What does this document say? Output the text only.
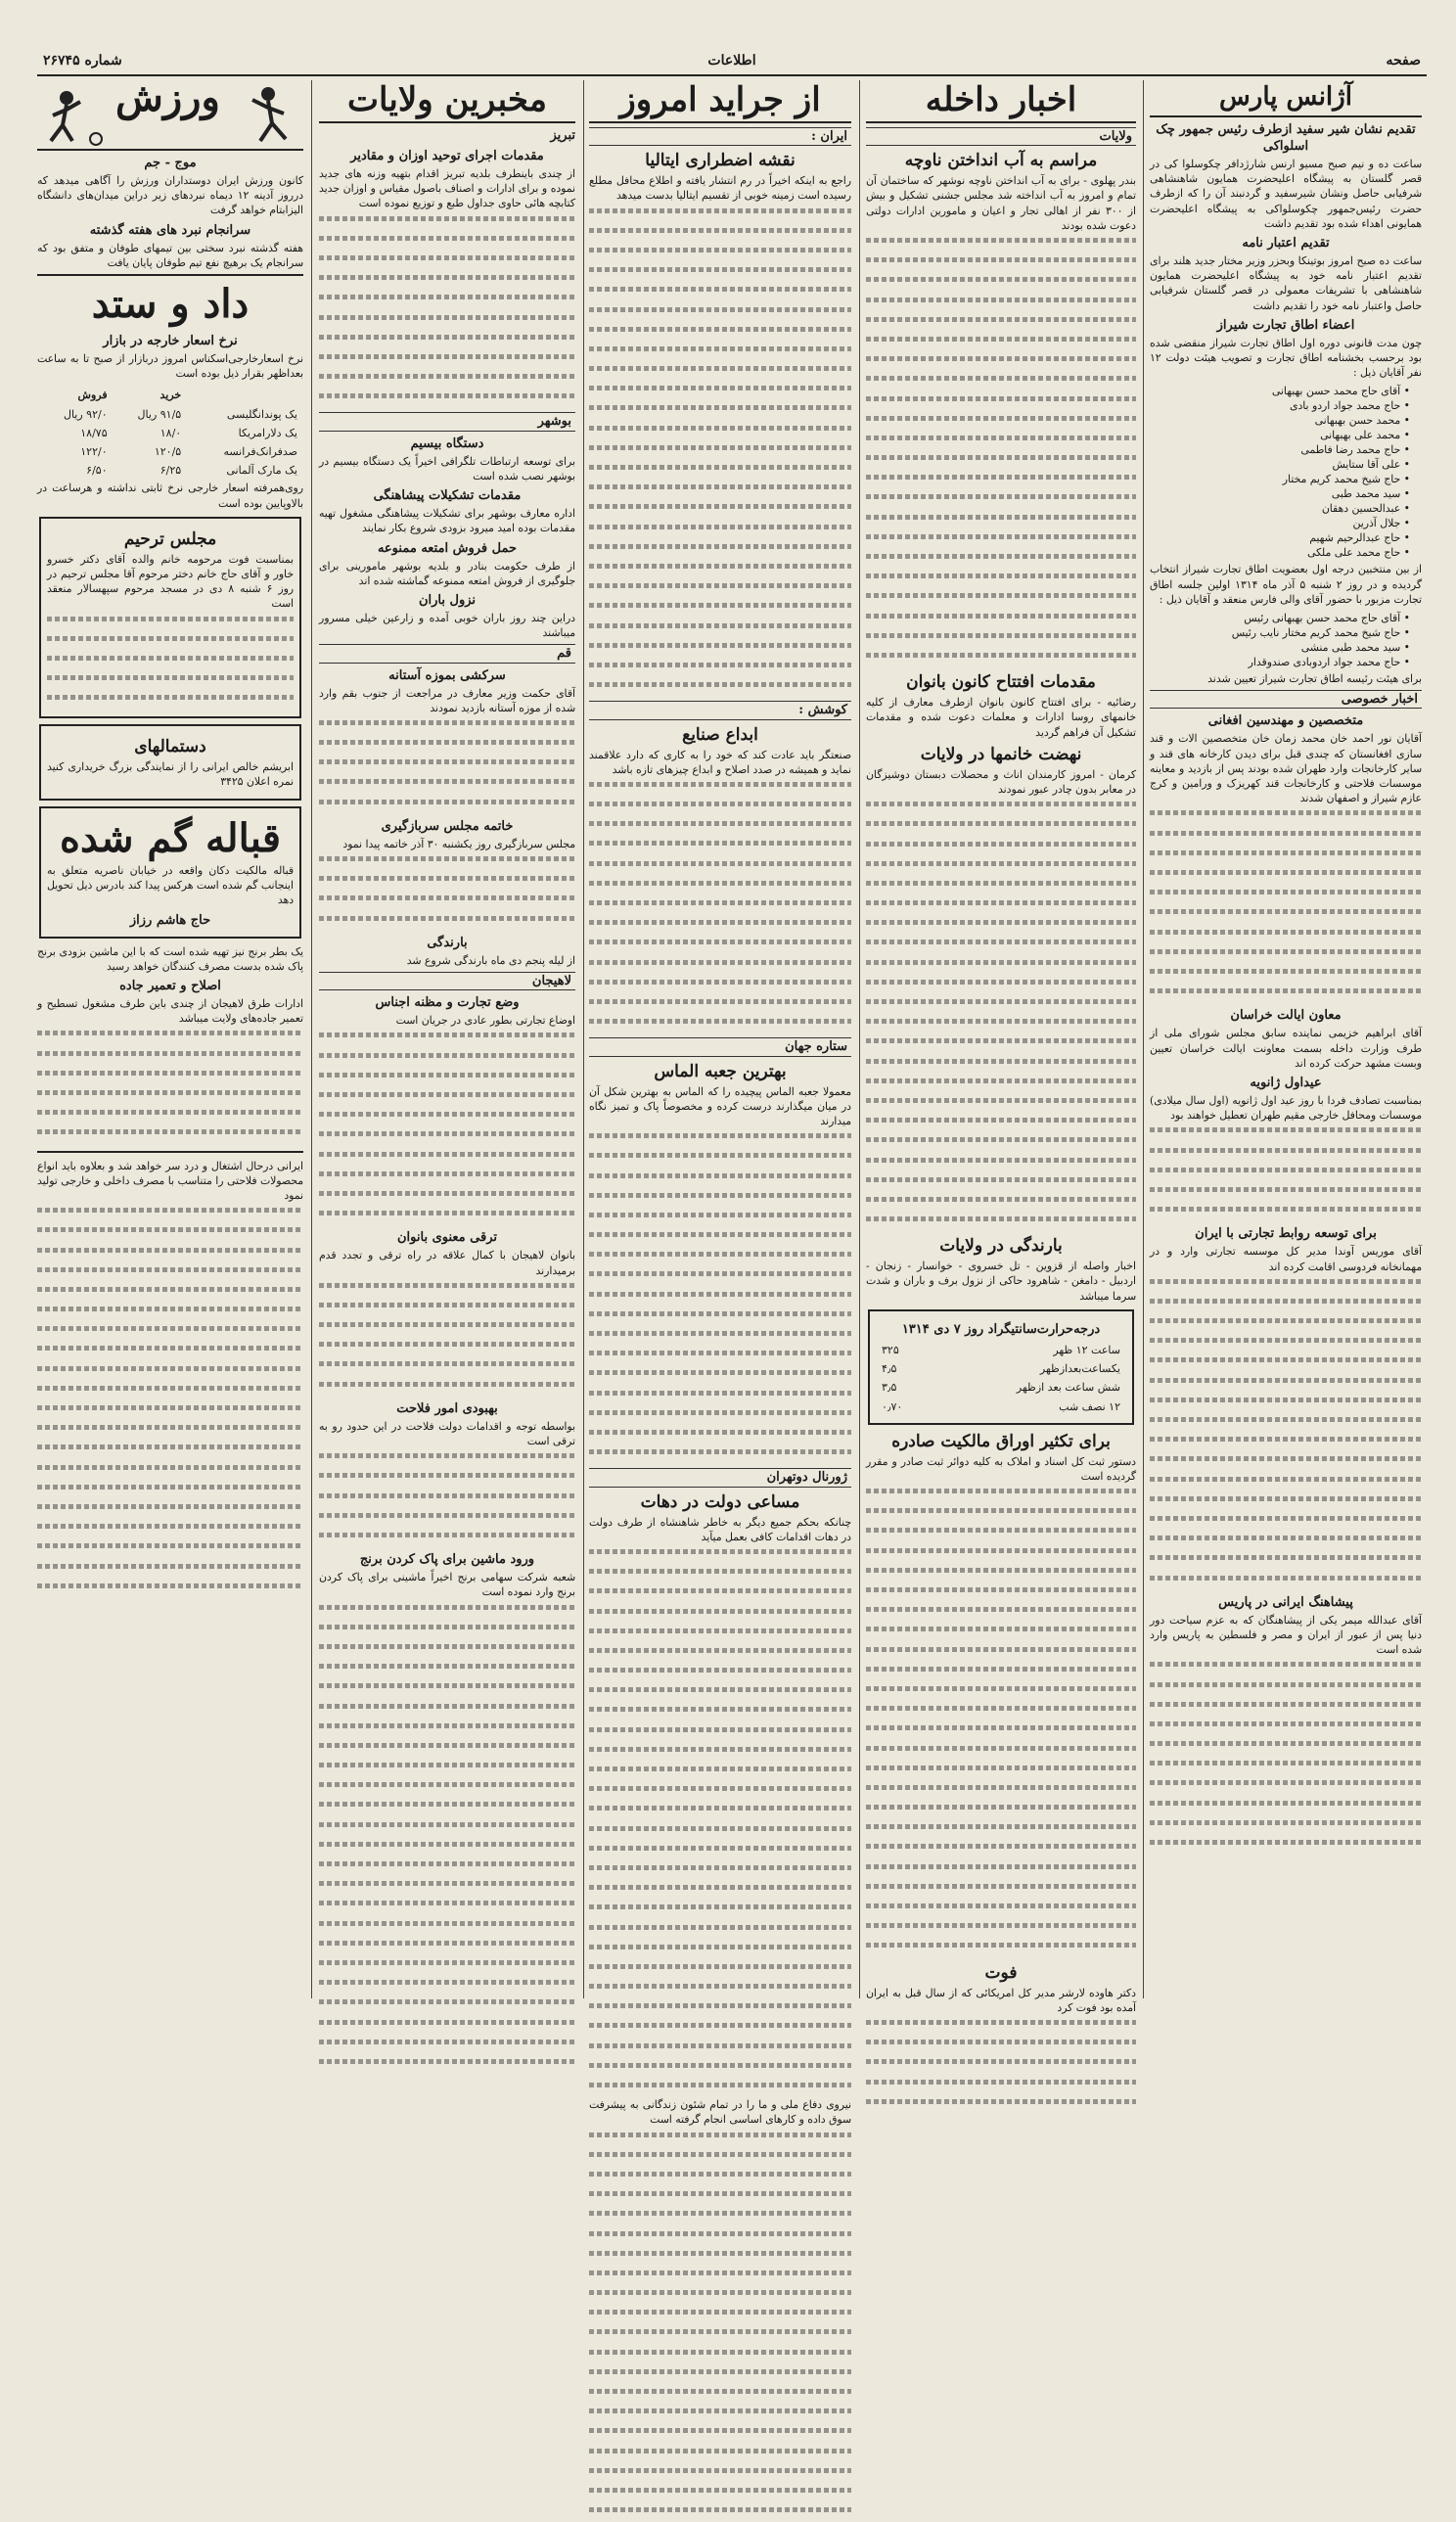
صفحه
اطلاعات
شماره ۲۶۷۴۵
آژانس پارس
تقدیم نشان شیر سفید ازطرف رئیس جمهور چک اسلواکی

ساعت ده و نیم صبح مسیو ارنس شارژدافر چکوسلوا کی در قصر گلستان به پیشگاه اعلیحضرت همایون شاهنشاهی شرفیابی حاصل ونشان شیرسفید و گردنبند آن را که ازطرف حضرت رئیس‌جمهور چکوسلواکی به پیشگاه اعلیحضرت همایونی اهداء شده بود تقدیم داشت

تقدیم اعتبار نامه

ساعت ده صبح امروز بوتینکا وبحزر وزیر مختار جدید هلند برای تقدیم اعتبار نامه خود به پیشگاه اعلیحضرت همایون شاهنشاهی با تشریفات معمولی در قصر گلستان شرفیابی حاصل واعتبار نامه خود را تقدیم داشت

اعضاء اطاق تجارت شیراز

چون مدت قانونی دوره اول اطاق تجارت شیراز منقضی شده بود برحسب بخشنامه اطاق تجارت و تصویب هیئت دولت ۱۲ نفر آقایان ذیل :

• آقای حاج محمد حسن بهبهانی
• حاج محمد جواد اردو بادی
• محمد حسن بهبهانی
• محمد علی بهبهانی
• حاج محمد رضا فاطمی
• علی آقا ستایش
• حاج شیخ محمد کریم مختار
• سید محمد طبی
• عبدالحسین دهقان
• جلال آذرین
• حاج عبدالرحیم شهیم
• حاج محمد علی ملکی

از بین منتخبین درجه اول بعضویت اطاق تجارت شیراز انتخاب گردیده و در روز ۲ شنبه ۵ آذر ماه ۱۳۱۴ اولین جلسه اطاق تجارت مزبور با حضور آقای والی فارس منعقد و آقایان ذیل :

• آقای حاج محمد حسن بهبهانی رئیس
• حاج شیخ محمد کریم مختار نایب رئیس
• سید محمد طبی منشی
• حاج محمد جواد اردوبادی صندوقدار

برای هیئت رئیسه اطاق تجارت شیراز تعیین شدند

اخبار خصوصی
متخصصین و مهندسین افغانی

آقایان نور احمد خان محمد زمان خان متخصصین الات و قند سازی افغانستان که چندی قبل برای دیدن کارخانه های قند و سایر کارخانجات وارد طهران شده بودند پس از بازدید و معاینه موسسات فلاحتی و کارخانجات قند کهریزک و ورامین و کرج عازم شیراز و اصفهان شدند

معاون ایالت خراسان

آقای ابراهیم خزیمی نماینده سابق مجلس شورای ملی از طرف وزارت داخله بسمت معاونت ایالت خراسان تعیین وبست مشهد حرکت کرده اند

عیداول ژانویه

بمناسبت تصادف فردا با روز عید اول ژانویه (اول سال میلادی) موسسات ومحافل خارجی مقیم طهران تعطیل خواهند بود

برای توسعه روابط تجارتی با ایران

آقای موریس آوندا مدیر کل موسسه تجارتی وارد و در مهمانخانه فردوسی اقامت کرده اند

پیشاهنگ ایرانی در پاریس

آقای عبدالله میمر یکی از پیشاهنگان که به عزم سیاحت دور دنیا پس از عبور از ایران و مصر و فلسطین به پاریس وارد شده است

اخبار داخله
ولایات
مراسم به آب انداختن ناوچه

بندر پهلوی - برای به آب انداختن ناوچه نوشهر که ساختمان آن تمام و امروز به آب انداخته شد مجلس جشنی تشکیل و بیش از ۳۰۰ نفر از اهالی تجار و اعیان و مامورین ادارات دولتی دعوت شده بودند

مقدمات افتتاح کانون بانوان

رضائیه - برای افتتاح کانون بانوان ازطرف معارف از کلیه خانمهای روسا ادارات و معلمات دعوت شده و مقدمات تشکیل آن فراهم گردید

نهضت خانمها در ولایات

کرمان - امروز کارمندان اناث و محصلات دبستان دوشیزگان در معابر بدون چادر عبور نمودند

بارندگی در ولایات

اخبار واصله از قزوین - تل خسروی - خوانسار - زنجان - اردبیل - دامغن - شاهرود حاکی از نزول برف و باران و شدت سرما میباشد

درجه‌حرارت‌سانتیگراد روز ۷ دی ۱۳۱۴
ساعت ۱۲ ظهر	۳۲۵
یکساعت‌بعدازظهر	۴٫۵
شش ساعت بعد ازظهر	۳٫۵
۱۲ نصف شب	۰٫۷۰
برای تکثیر اوراق مالکیت صادره

دستور ثبت کل اسناد و املاک به کلیه دوائر ثبت صادر و مقرر گردیده است

فوت

دکتر هاوده لارشر مدیر کل امریکائی که از سال قبل به ایران آمده بود فوت کرد

از جراید امروز
ایران :
نقشه اضطراری ایتالیا

راجع به اینکه اخیراً در رم انتشار یافته و اطلاع محافل مطلع رسیده است زمینه خوبی از تقسیم ایتالیا بدست میدهد

کوشش :
ابداع صنایع

صنعتگر باید عادت کند که خود را به کاری که دارد علاقمند نماید و همیشه در صدد اصلاح و ابداع چیزهای تازه باشد

ستاره جهان
بهترین جعبه الماس

معمولا جعبه الماس پیچیده را که الماس به بهترین شکل آن در میان میگذارند درست کرده و مخصوصاً پاک و تمیز نگاه میدارند

ژورنال دوتهران
مساعی دولت در دهات

چنانکه بحکم جمیع دیگر به خاطر شاهنشاه از طرف دولت در دهات اقدامات کافی بعمل میآید

نیروی دفاع ملی و ما را در تمام شئون زندگانی به پیشرفت سوق داده و کارهای اساسی انجام گرفته است

مخبرین ولایات
تبریز
مقدمات اجرای توحید اوزان و مقادیر

از چندی باینطرف بلدیه تبریز اقدام بتهیه وزنه های جدید نموده و برای ادارات و اصناف باصول مقیاس و اوزان جدید کتابچه هائی حاوی جداول طبع و توزیع نموده است

بوشهر
دستگاه بیسیم

برای توسعه ارتباطات تلگرافی اخیراً یک دستگاه بیسیم در بوشهر نصب شده است

مقدمات تشکیلات پیشاهنگی

اداره معارف بوشهر برای تشکیلات پیشاهنگی مشغول تهیه مقدمات بوده امید میرود بزودی شروع بکار نمایند

حمل فروش امتعه ممنوعه

از طرف حکومت بنادر و بلدیه بوشهر مامورینی برای جلوگیری از فروش امتعه ممنوعه گماشته شده اند

نزول باران

دراین چند روز باران خوبی آمده و زارعین خیلی مسرور میباشند

قم
سرکشی بموزه آستانه

آقای حکمت وزیر معارف در مراجعت از جنوب بقم وارد شده از موزه آستانه بازدید نمودند

خاتمه مجلس سربازگیری

مجلس سربازگیری روز یکشنبه ۳۰ آذر خاتمه پیدا نمود

بارندگی

از لیله پنجم دی ماه بارندگی شروع شد

لاهیجان
وضع تجارت و مظنه اجناس

اوضاع تجارتی بطور عادی در جریان است

ترقی معنوی بانوان

بانوان لاهیجان با کمال علاقه در راه ترقی و تجدد قدم برمیدارند

بهبودی امور فلاحت

بواسطه توجه و اقدامات دولت فلاحت در این حدود رو به ترقی است

ورود ماشین برای پاک کردن برنج

شعبه شرکت سهامی برنج اخیراً ماشینی برای پاک کردن برنج وارد نموده است

ورزش
موج - جم

کانون ورزش ایران دوستداران ورزش را آگاهی میدهد که درروز آدینه ۱۲ دیماه نبردهای زیر دراین میدان‌های دانشگاه الیزابتام خواهد گرفت

سرانجام نبرد های هفته گذشته

هفته گذشته نبرد سختی بین تیمهای طوفان و متفق بود که سرانجام یک برهیچ نفع تیم طوفان پایان یافت

داد و ستد
نرخ اسعار خارجه در بازار

نرخ اسعارخارجی‌اسکناس امروز دربازار از صبح تا به ساعت بعداظهر بقرار ذیل بوده است

	خرید	فروش
یک پوندانگلیسی	۹۱/۵ ریال	۹۲/۰ ریال
یک دلارامریکا	۱۸/۰	۱۸/۷۵
صدفرانک‌فرانسه	۱۲۰/۵	۱۲۲/۰
یک مارک آلمانی	۶/۲۵	۶/۵۰

روی‌همرفته اسعار خارجی نرخ ثابتی نداشته و هرساعت در بالاوپایین بوده است

مجلس ترحیم

بمناسبت فوت مرحومه خانم والده آقای دکتر خسرو خاور و آقای حاج خانم دختر مرحوم آقا مجلس ترحیم در روز ۶ شنبه ۸ دی در مسجد مرحوم سپهسالار منعقد است

دستمالهای

ابریشم خالص ایرانی را از نمایندگی بزرگ خریداری کنید نمره اعلان ۳۴۲۵

قباله گم شده

قباله مالکیت دکان واقعه در خیابان ناصریه متعلق به اینجانب گم شده است هرکس پیدا کند بادرس ذیل تحویل دهد

حاج هاشم رزاز

یک بطر برنج نیز تهیه شده است که با این ماشین بزودی برنج پاک شده بدست مصرف کنندگان خواهد رسید

اصلاح و تعمیر جاده

ادارات طرق لاهیجان از چندی باین طرف مشغول تسطیح و تعمیر جاده‌های ولایت میباشد

ایرانی درحال اشتغال و درد سر خواهد شد و بعلاوه باید انواع محصولات فلاحتی را متناسب با مصرف داخلی و خارجی تولید نمود
